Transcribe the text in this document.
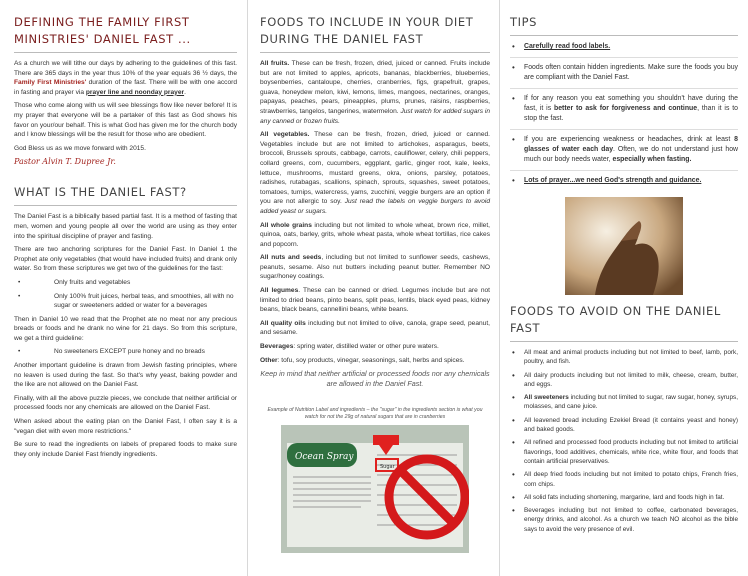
DEFINING THE FAMILY FIRST
MINISTRIES' DANIEL FAST ...

As a church we will tithe our days by adhering to the guidelines of this fast. There are 365 days in the year thus 10% of the year equals 36 ½ days, the Family First Ministries' duration of the fast. There will be with one accord in fasting and prayer via prayer line and noonday prayer.

Those who come along with us will see blessings flow like never before! It is my prayer that everyone will be a partaker of this fast as God shows his favor on your/our behalf. This is what God has given me for the church body and I know blessings will be the result for those who are obedient.

God Bless us as we move forward with 2015.

Pastor Alvin T. Dupree Jr.
WHAT IS THE DANIEL FAST?

The Daniel Fast is a biblically based partial fast. It is a method of fasting that men, women and young people all over the world are using as they enter into the spiritual discipline of prayer and fasting.

There are two anchoring scriptures for the Daniel Fast. In Daniel 1 the Prophet ate only vegetables (that would have included fruits) and drank only water. So from these scriptures we get two of the guidelines for the fast:

•	Only fruits and vegetables
•	Only 100% fruit juices, herbal teas, and smoothies, all with no sugar or sweeteners added or water for a beverages

Then in Daniel 10 we read that the Prophet ate no meat nor any precious breads or foods and he drank no wine for 21 days. So from this scripture, we get a third guideline:

•	No sweeteners EXCEPT pure honey and no breads

Another important guideline is drawn from Jewish fasting principles, where no leaven is used during the fast. So that's why yeast, baking powder and the like are not allowed on the Daniel Fast.

Finally, with all the above puzzle pieces, we conclude that neither artificial or processed foods nor any chemicals are allowed on the Daniel Fast.

When asked about the eating plan on the Daniel Fast, I often say it is a "vegan diet with even more restrictions."

Be sure to read the ingredients on labels of prepared foods to make sure they only include Daniel Fast friendly ingredients.

FOODS TO INCLUDE IN YOUR DIET
DURING THE DANIEL FAST

All fruits. These can be fresh, frozen, dried, juiced or canned. Fruits include but are not limited to apples, apricots, bananas, blackberries, blueberries, boysenberries, cantaloupe, cherries, cranberries, figs, grapefruit, grapes, guava, honeydew melon, kiwi, lemons, limes, mangoes, nectarines, oranges, papayas, peaches, pears, pineapples, plums, prunes, raisins, raspberries, strawberries, tangelos, tangerines, watermelon. Just watch for added sugars in any canned or frozen fruits.

All vegetables. These can be fresh, frozen, dried, juiced or canned. Vegetables include but are not limited to artichokes, asparagus, beets, broccoli, Brussels sprouts, cabbage, carrots, cauliflower, celery, chili peppers, collard greens, corn, cucumbers, eggplant, garlic, ginger root, kale, leeks, lettuce, mushrooms, mustard greens, okra, onions, parsley, potatoes, radishes, rutabagas, scallions, spinach, sprouts, squashes, sweet potatoes, tomatoes, turnips, watercress, yams, zucchini, veggie burgers are an option if you are not allergic to soy. Just read the labels on veggie burgers to avoid added yeast or sugars.

All whole grains including but not limited to whole wheat, brown rice, millet, quinoa, oats, barley, grits, whole wheat pasta, whole wheat tortillas, rice cakes and popcorn.

All nuts and seeds, including but not limited to sunflower seeds, cashews, peanuts, sesame. Also nut butters including peanut butter. Remember NO sugar/honey coatings.

All legumes. These can be canned or dried. Legumes include but are not limited to dried beans, pinto beans, split peas, lentils, black eyed peas, kidney beans, black beans, cannellini beans, white beans.

All quality oils including but not limited to olive, canola, grape seed, peanut, and sesame.

Beverages: spring water, distilled water or other pure waters.

Other: tofu, soy products, vinegar, seasonings, salt, herbs and spices.

Keep in mind that neither artificial or processed foods nor any chemicals are allowed in the Daniel Fast.
Example of Nutrition Label and ingredients – the "sugar" in the ingredients section is what you watch for not the 29g of natural sugars that are in cranberries
Ocean Spray
Sugar
TIPS
• Carefully read food labels.
• Foods often contain hidden ingredients. Make sure the foods you buy are compliant with the Daniel Fast.
• If for any reason you eat something you shouldn't have during the fast, it is better to ask for forgiveness and continue, than it is to stop the fast.
• If you are experiencing weakness or headaches, drink at least 8 glasses of water each day. Often, we do not understand just how much our body needs water, especially when fasting.
• Lots of prayer...we need God's strength and guidance.
FOODS TO AVOID ON THE DANIEL FAST
• All meat and animal products including but not limited to beef, lamb, pork, poultry, and fish.
• All dairy products including but not limited to milk, cheese, cream, butter, and eggs.
• All sweeteners including but not limited to sugar, raw sugar, honey, syrups, molasses, and cane juice.
• All leavened bread including Ezekiel Bread (it contains yeast and honey) and baked goods.
• All refined and processed food products including but not limited to artificial flavorings, food additives, chemicals, white rice, white flour, and foods that contain artificial preservatives.
• All deep fried foods including but not limited to potato chips, French fries, corn chips.
• All solid fats including shortening, margarine, lard and foods high in fat.
• Beverages including but not limited to coffee, carbonated beverages, energy drinks, and alcohol. As a church we teach NO alcohol as the bible says to avoid the very presence of evil.
